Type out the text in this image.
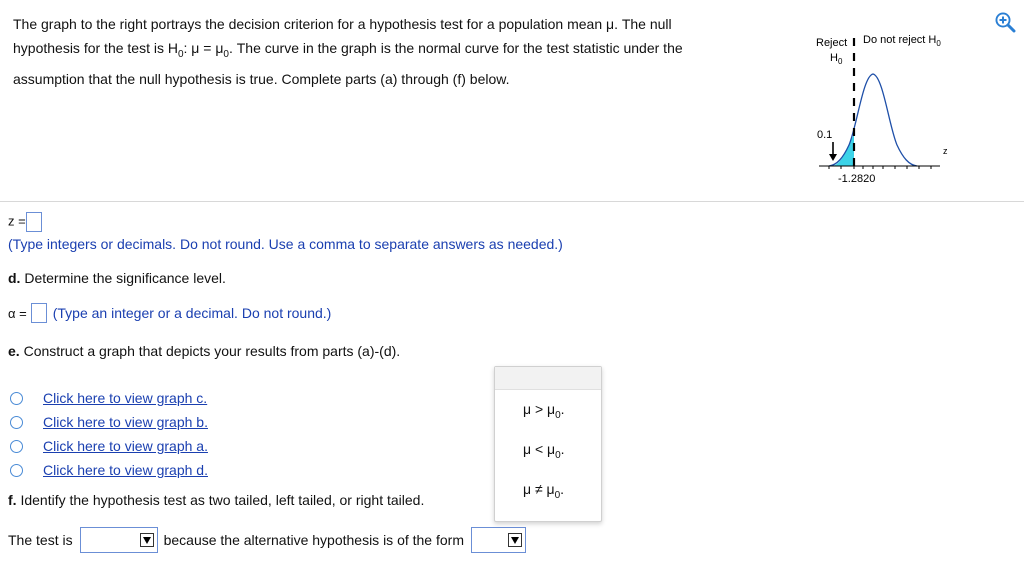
The graph to the right portrays the decision criterion for a hypothesis test for a population mean μ. The null
hypothesis for the test is $H_0$: $\mu = \mu_0$. The curve in the graph is the normal curve for the test statistic under the
assumption that the null hypothesis is true. Complete parts (a) through (f) below.
Reject
$H_0$
Do not reject $H_0$
0.1
-1.2820
z
z =
(Type integers or decimals. Do not round. Use a comma to separate answers as needed.)
d. Determine the significance level.
α = (Type an integer or a decimal. Do not round.)
e. Construct a graph that depicts your results from parts (a)-(d).
Click here to view graph c.
Click here to view graph b.
Click here to view graph a.
Click here to view graph d.
f. Identify the hypothesis test as two tailed, left tailed, or right tailed.
The test is	because the alternative hypothesis is of the form
$\mu > \mu_0$.
$\mu < \mu_0$.
$\mu \ne \mu_0$.
